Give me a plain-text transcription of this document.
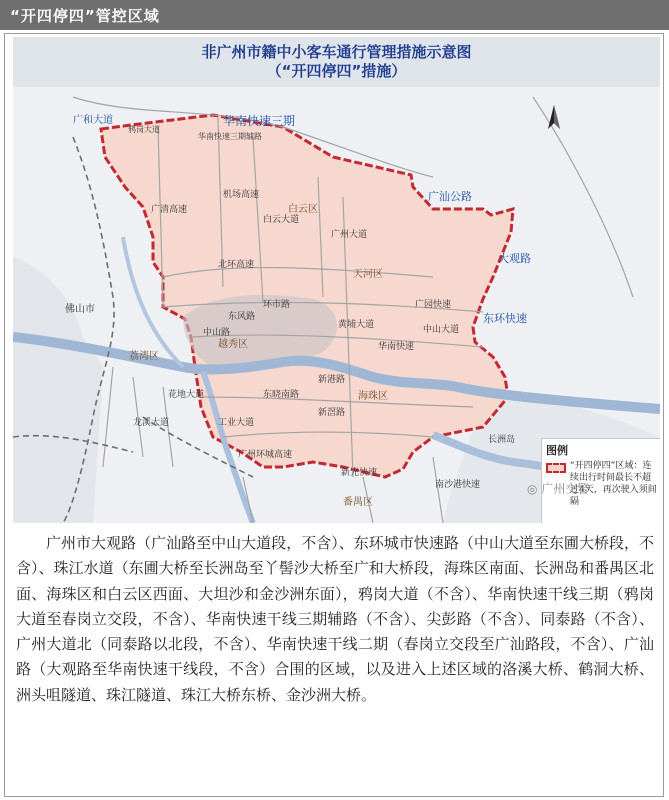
“开四停四”管控区域
华南快速三期
广和大道
鸦岗大道
华南快速三期辅路
广清高速
机场高速
白云大道
广州大道
白云区
广汕公路
大观路
北环高速
天河区
广园快速
环市路
东风路
中山路	中山大道
越秀区
黄埔大道	东环快速
佛山市
荔湾区
华南快速
海珠区
新港路
新滘路
东晓南路
工业大道
花地大道
龙溪大道
广州环城高速
长洲岛
新光快速
南沙港快速
番禺区
非广州市籍中小客车通行管理措施示意图
（“开四停四”措施）
图例
“开四停四”区域：连续出行时间最长不超过4天，再次驶入须间隔
◎ 广州交警

广州市大观路（广汕路至中山大道段，不含）、东环城市快速路（中山大道至东圃大桥段，不含）、珠江水道（东圃大桥至长洲岛至丫髻沙大桥至广和大桥段，海珠区南面、长洲岛和番禺区北面、海珠区和白云区西面、大坦沙和金沙洲东面），鸦岗大道（不含）、华南快速干线三期（鸦岗大道至春岗立交段，不含）、华南快速干线三期辅路（不含）、尖彭路（不含）、同泰路（不含）、广州大道北（同泰路以北段，不含）、华南快速干线二期（春岗立交段至广汕路段，不含）、广汕路（大观路至华南快速干线段，不含）合围的区域，以及进入上述区域的洛溪大桥、鹤洞大桥、洲头咀隧道、珠江隧道、珠江大桥东桥、金沙洲大桥。
